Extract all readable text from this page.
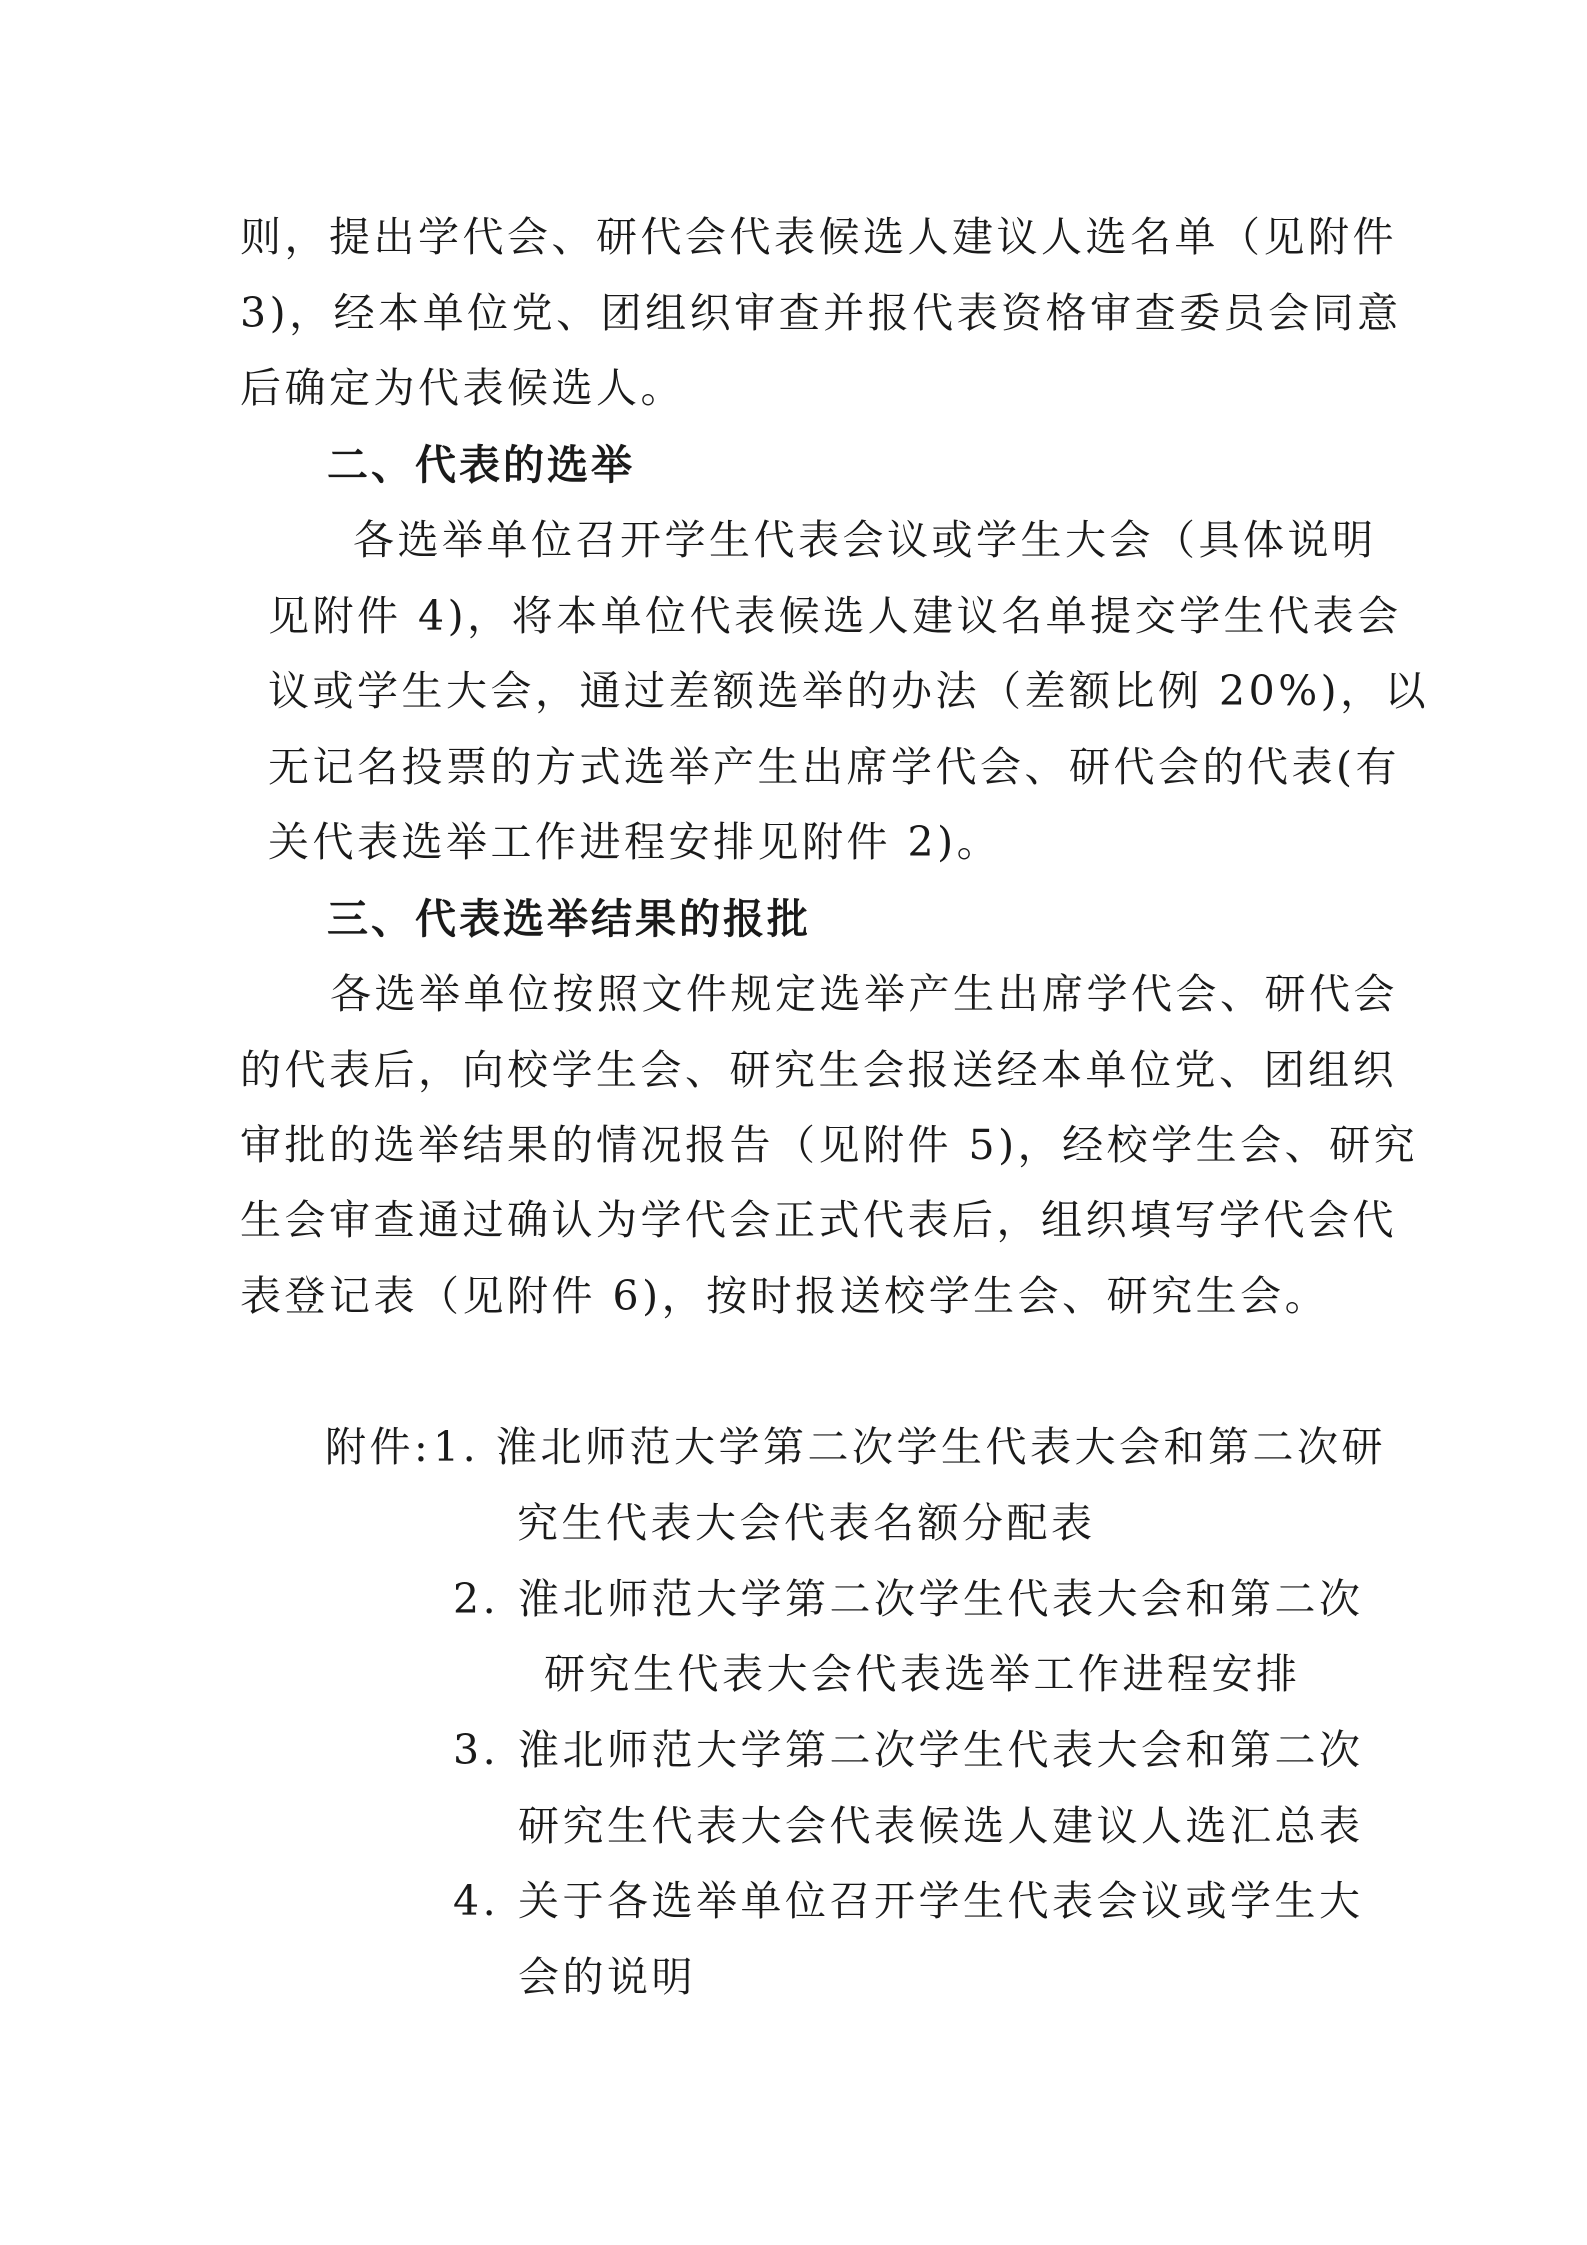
则，提出学代会、研代会代表候选人建议人选名单（见附件
3)，经本单位党、团组织审查并报代表资格审查委员会同意
后确定为代表候选人。
二、代表的选举
各选举单位召开学生代表会议或学生大会（具体说明
见附件 4)，将本单位代表候选人建议名单提交学生代表会
议或学生大会，通过差额选举的办法（差额比例 20%)，以
无记名投票的方式选举产生出席学代会、研代会的代表(有
关代表选举工作进程安排见附件 2)。
三、代表选举结果的报批
各选举单位按照文件规定选举产生出席学代会、研代会
的代表后，向校学生会、研究生会报送经本单位党、团组织
审批的选举结果的情况报告（见附件 5)，经校学生会、研究
生会审查通过确认为学代会正式代表后，组织填写学代会代
表登记表（见附件 6)，按时报送校学生会、研究生会。
附件: 1. 淮北师范大学第二次学生代表大会和第二次研
究生代表大会代表名额分配表
2. 淮北师范大学第二次学生代表大会和第二次
研究生代表大会代表选举工作进程安排
3. 淮北师范大学第二次学生代表大会和第二次
研究生代表大会代表候选人建议人选汇总表
4. 关于各选举单位召开学生代表会议或学生大
会的说明
